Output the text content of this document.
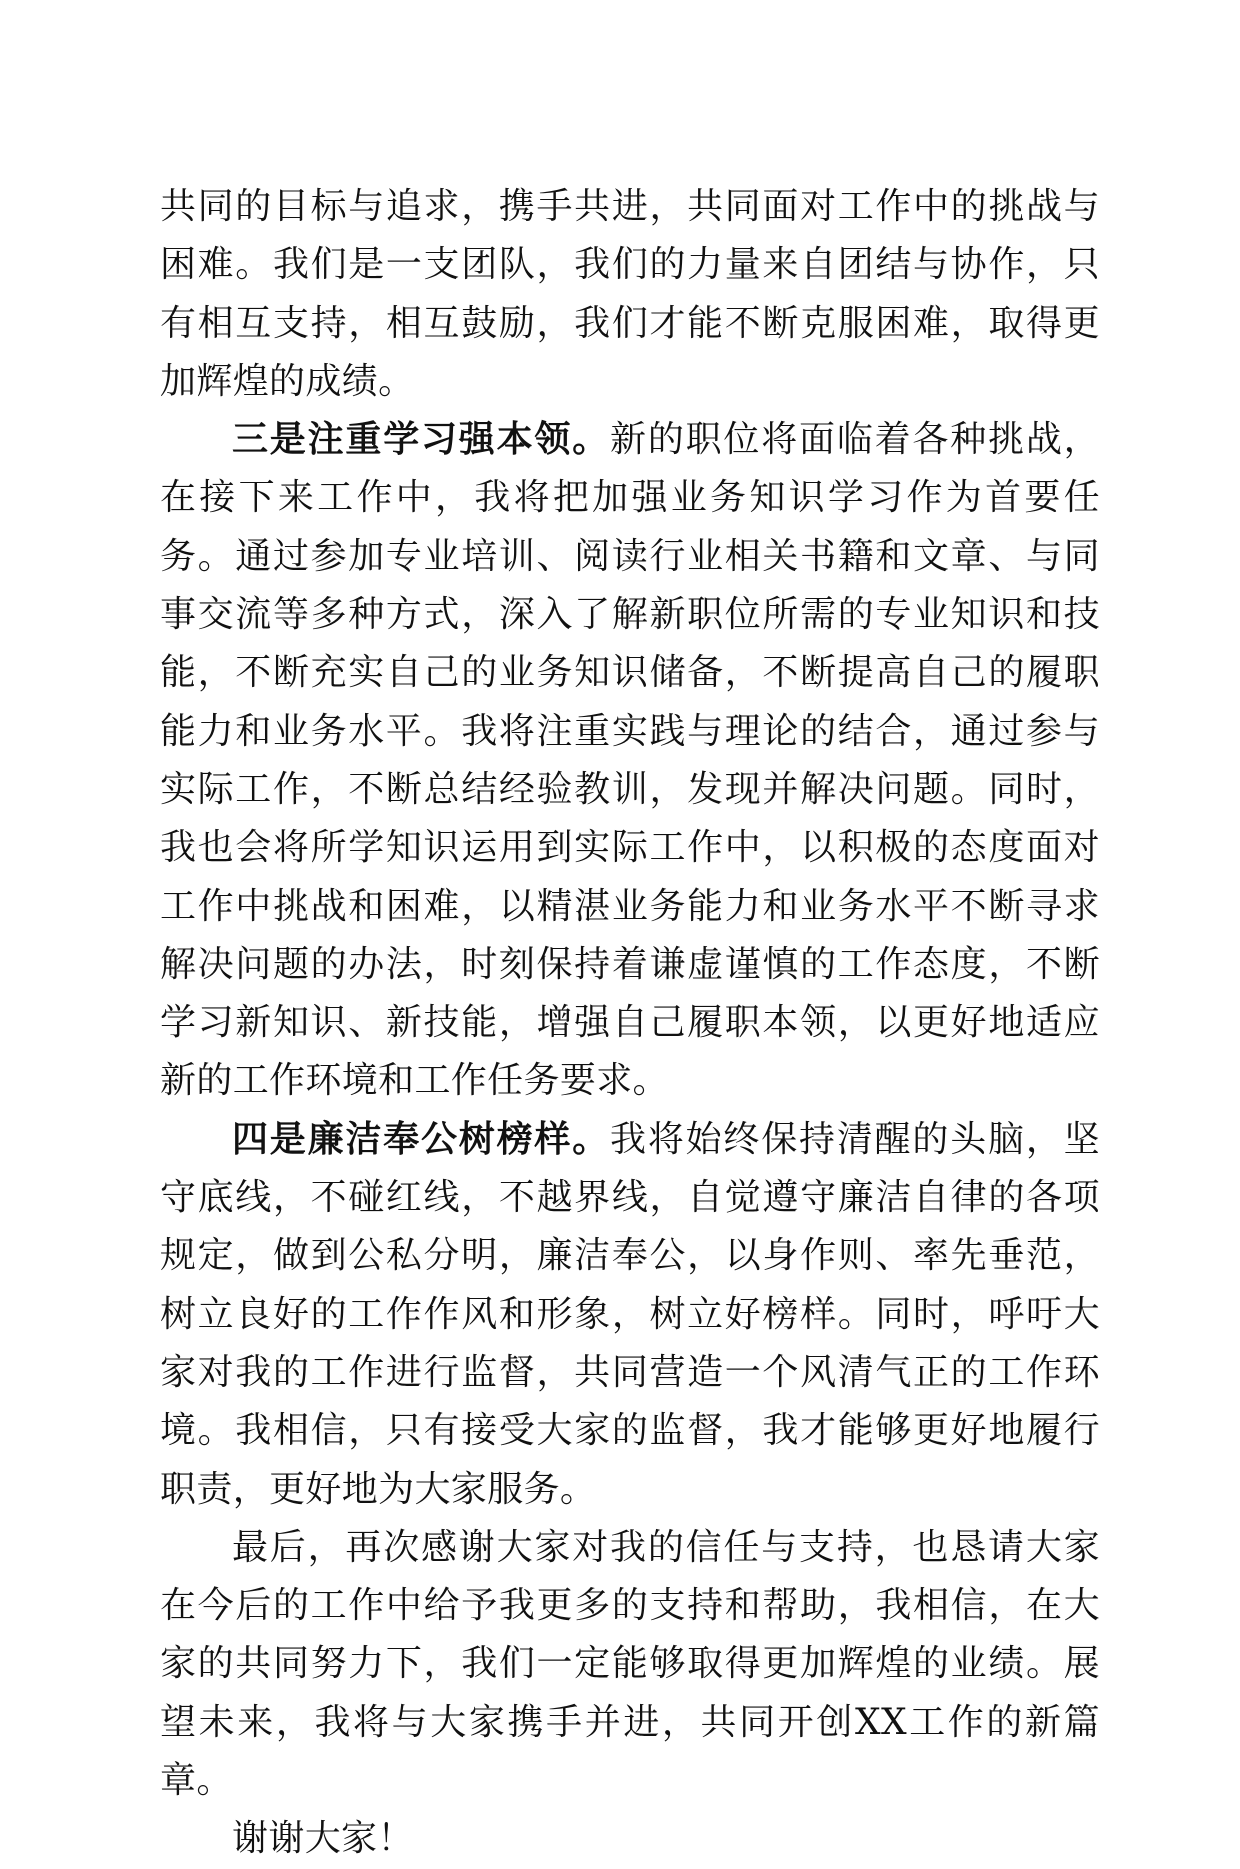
共同的目标与追求，携手共进，共同面对工作中的挑战与困难。我们是一支团队，我们的力量来自团结与协作，只有相互支持，相互鼓励，我们才能不断克服困难，取得更加辉煌的成绩。

三是注重学习强本领。新的职位将面临着各种挑战，在接下来工作中，我将把加强业务知识学习作为首要任务。通过参加专业培训、阅读行业相关书籍和文章、与同事交流等多种方式，深入了解新职位所需的专业知识和技能，不断充实自己的业务知识储备，不断提高自己的履职能力和业务水平。我将注重实践与理论的结合，通过参与实际工作，不断总结经验教训，发现并解决问题。同时，我也会将所学知识运用到实际工作中，以积极的态度面对工作中挑战和困难，以精湛业务能力和业务水平不断寻求解决问题的办法，时刻保持着谦虚谨慎的工作态度，不断学习新知识、新技能，增强自己履职本领，以更好地适应新的工作环境和工作任务要求。

四是廉洁奉公树榜样。我将始终保持清醒的头脑，坚守底线，不碰红线，不越界线，自觉遵守廉洁自律的各项规定，做到公私分明，廉洁奉公，以身作则、率先垂范，树立良好的工作作风和形象，树立好榜样。同时，呼吁大家对我的工作进行监督，共同营造一个风清气正的工作环境。我相信，只有接受大家的监督，我才能够更好地履行职责，更好地为大家服务。

最后，再次感谢大家对我的信任与支持，也恳请大家在今后的工作中给予我更多的支持和帮助，我相信，在大家的共同努力下，我们一定能够取得更加辉煌的业绩。展望未来，我将与大家携手并进，共同开创XX工作的新篇章。

谢谢大家！
